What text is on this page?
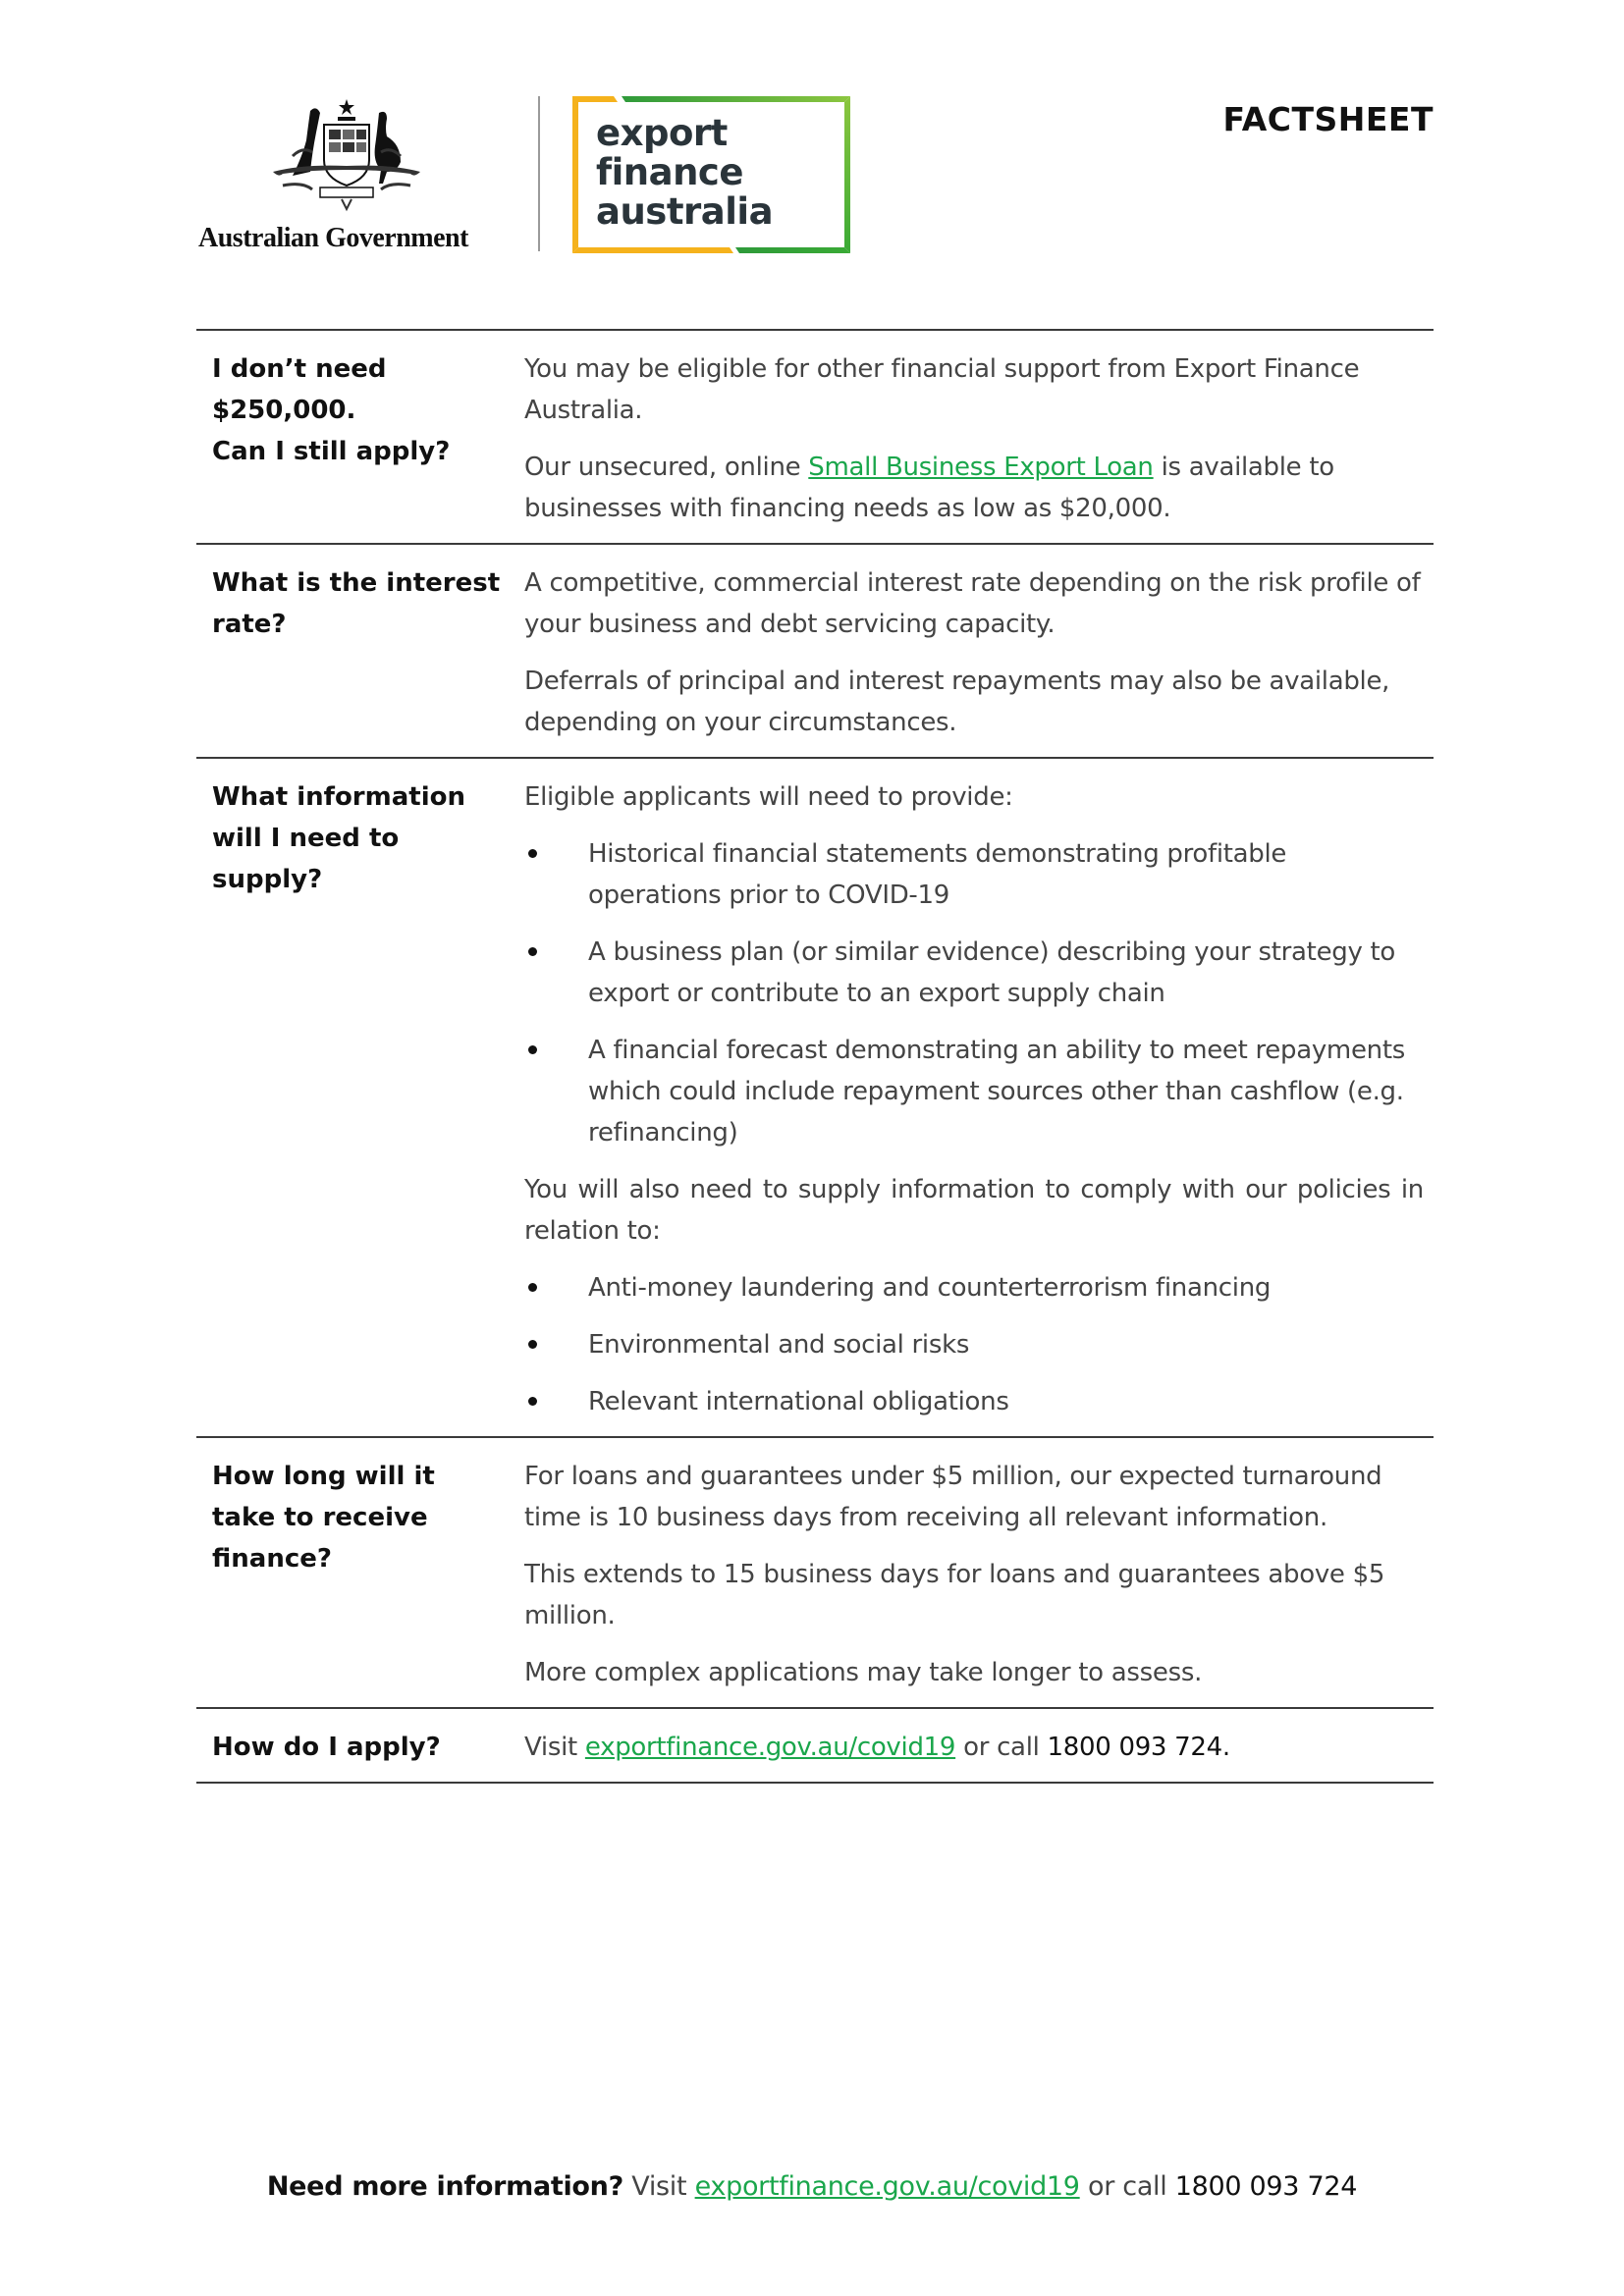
Australian Government
export
finance
australia
FACTSHEET
I don’t need
$250,000.
Can I still apply?

You may be eligible for other financial support from Export Finance Australia.

Our unsecured, online Small Business Export Loan is available to businesses with financing needs as low as $20,000.

What is the interest rate?

A competitive, commercial interest rate depending on the risk profile of your business and debt servicing capacity.

Deferrals of principal and interest repayments may also be available, depending on your circumstances.

What information will I need to supply?

Eligible applicants will need to provide:

Historical financial statements demonstrating profitable operations prior to COVID-19
A business plan (or similar evidence) describing your strategy to export or contribute to an export supply chain
A financial forecast demonstrating an ability to meet repayments which could include repayment sources other than cashflow (e.g. refinancing)

You will also need to supply information to comply with our policies in relation to:

Anti-money laundering and counterterrorism financing
Environmental and social risks
Relevant international obligations
How long will it take to receive finance?

For loans and guarantees under $5 million, our expected turnaround time is 10 business days from receiving all relevant information.

This extends to 15 business days for loans and guarantees above $5 million.

More complex applications may take longer to assess.

How do I apply?	Visit exportfinance.gov.au/covid19 or call 1800 093 724.

Need more information? Visit exportfinance.gov.au/covid19 or call 1800 093 724
